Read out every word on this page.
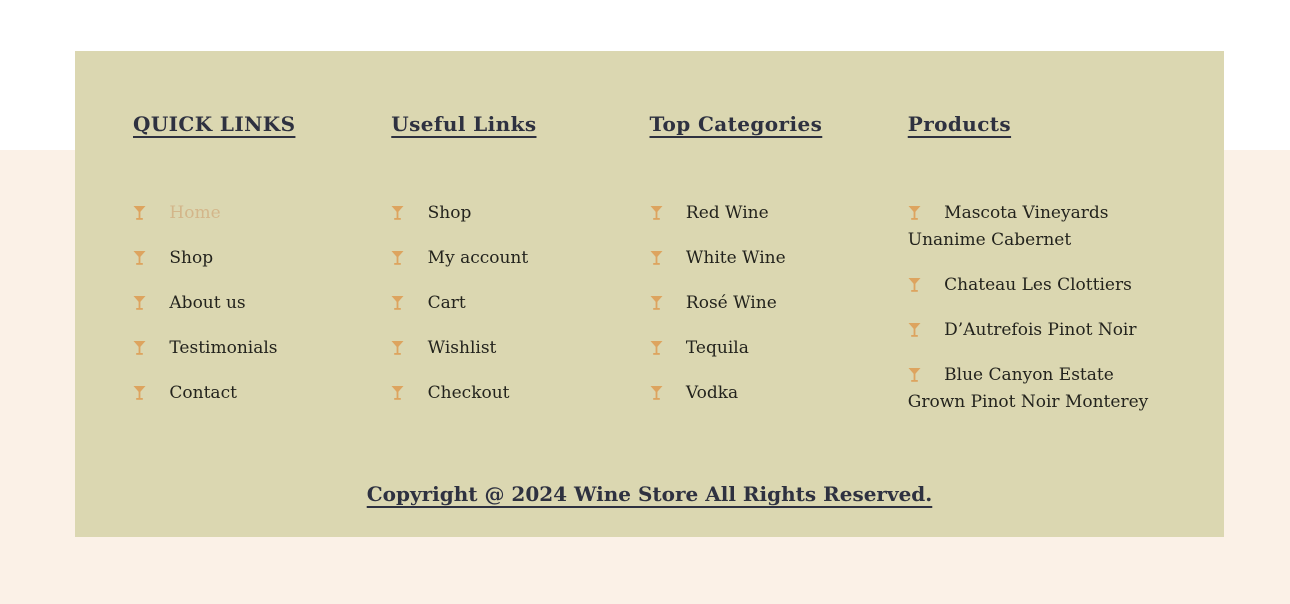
QUICK LINKS
Home
Shop
About us
Testimonials
Contact
Useful Links
Shop
My account
Cart
Wishlist
Checkout
Top Categories
Red Wine
White Wine
Rosé Wine
Tequila
Vodka
Products
Mascota Vineyards Unanime Cabernet
Chateau Les Clottiers
D’Autrefois Pinot Noir
Blue Canyon Estate Grown Pinot Noir Monterey
Copyright @ 2024 Wine Store All Rights Reserved.
